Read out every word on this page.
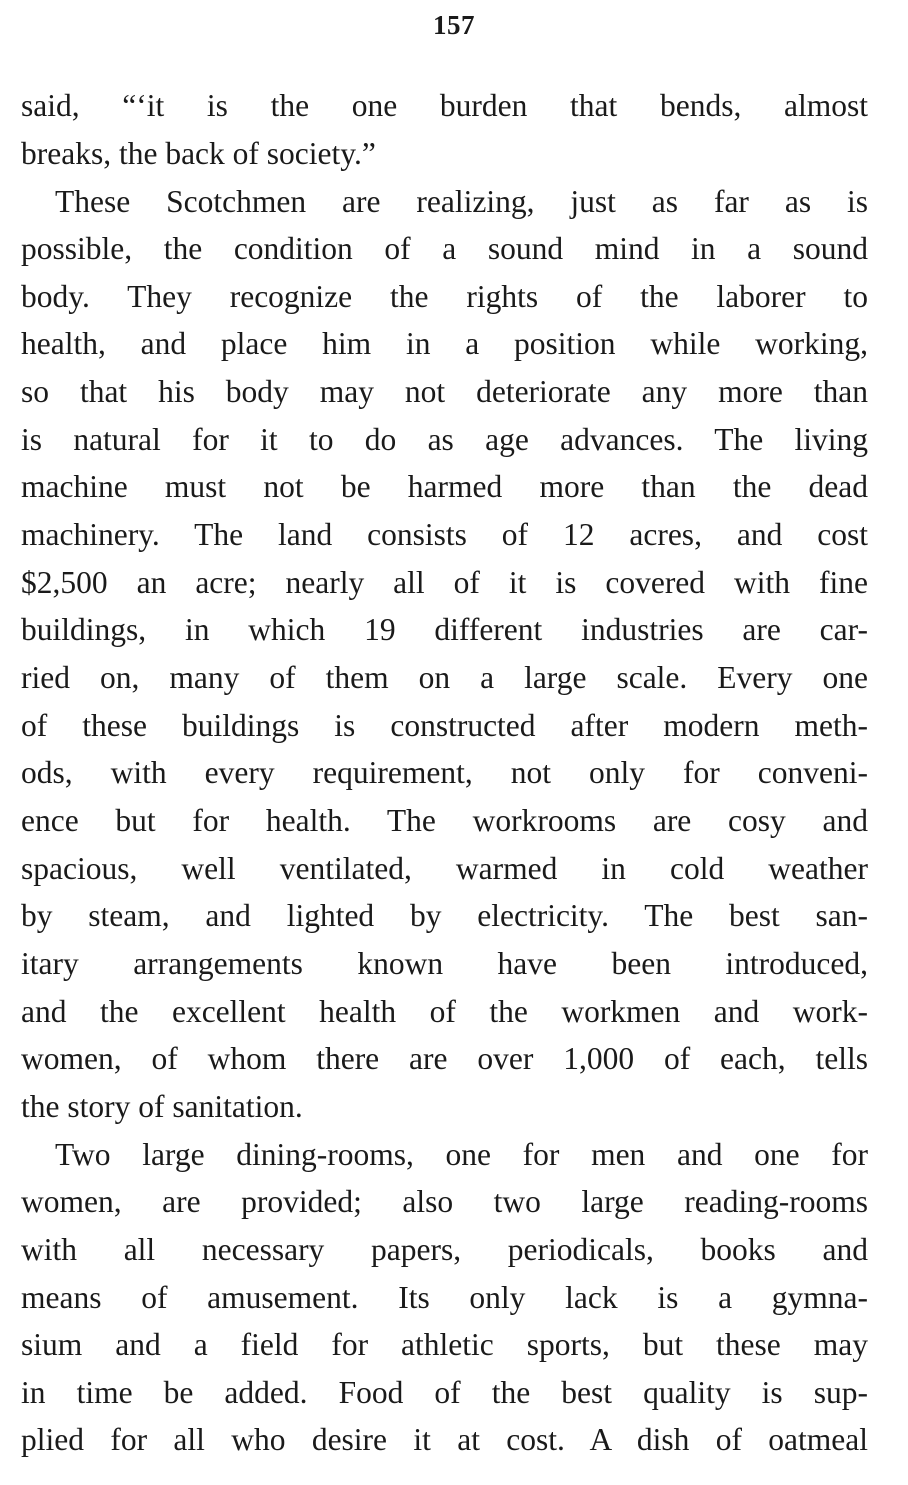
157
said, “‘it is the one burden that bends, almost
breaks, the back of society.”
These Scotchmen are realizing, just as far as is
possible, the condition of a sound mind in a sound
body. They recognize the rights of the laborer to
health, and place him in a position while working,
so that his body may not deteriorate any more than
is natural for it to do as age advances. The living
machine must not be harmed more than the dead
machinery. The land consists of 12 acres, and cost
$2,500 an acre; nearly all of it is covered with fine
buildings, in which 19 different industries are car-
ried on, many of them on a large scale. Every one
of these buildings is constructed after modern meth-
ods, with every requirement, not only for conveni-
ence but for health. The workrooms are cosy and
spacious, well ventilated, warmed in cold weather
by steam, and lighted by electricity. The best san-
itary arrangements known have been introduced,
and the excellent health of the workmen and work-
women, of whom there are over 1,000 of each, tells
the story of sanitation.
Two large dining-rooms, one for men and one for
women, are provided; also two large reading-rooms
with all necessary papers, periodicals, books and
means of amusement. Its only lack is a gymna-
sium and a field for athletic sports, but these may
in time be added. Food of the best quality is sup-
plied for all who desire it at cost. A dish of oatmeal
